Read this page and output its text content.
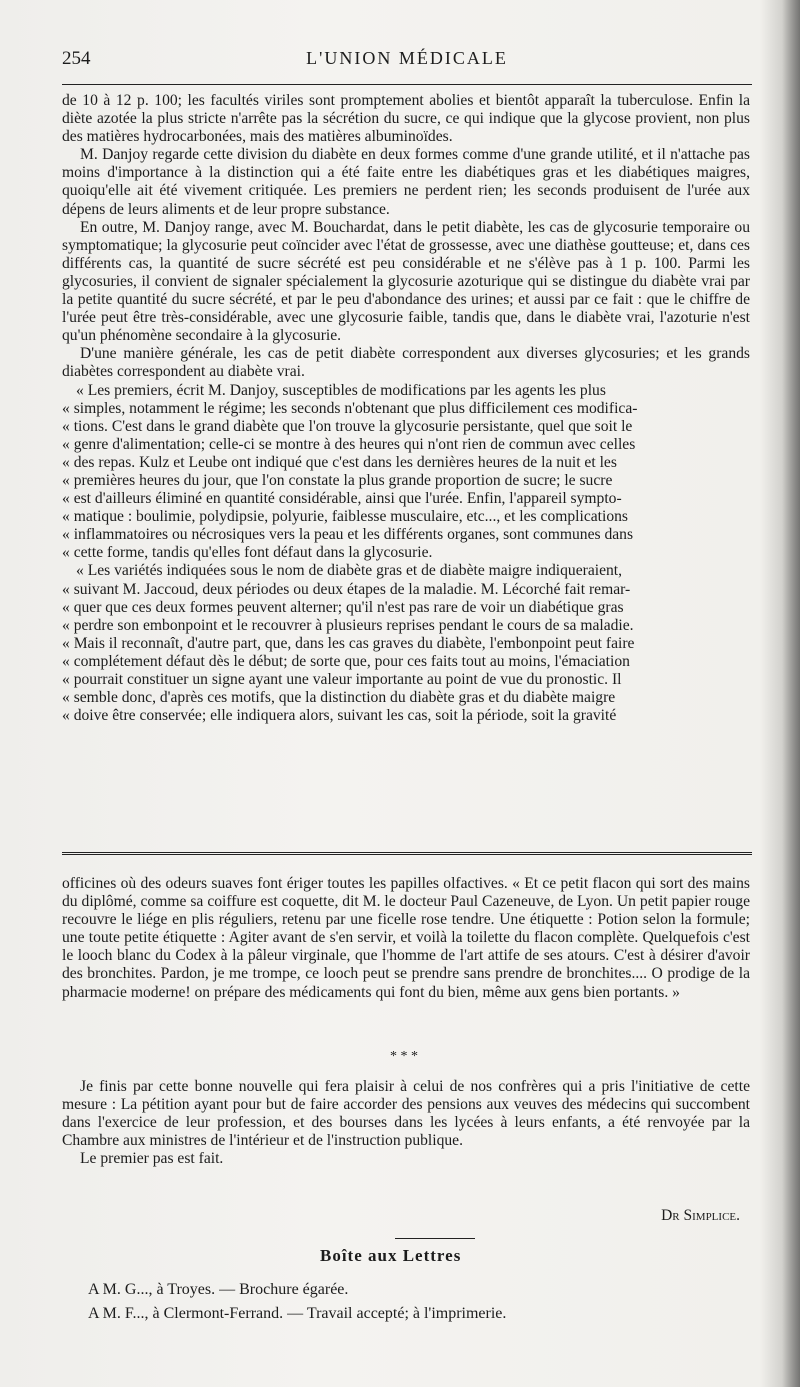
254	L'UNION MÉDICALE

de 10 à 12 p. 100; les facultés viriles sont promptement abolies et bientôt apparaît la tuberculose. Enfin la diète azotée la plus stricte n'arrête pas la sécrétion du sucre, ce qui indique que la glycose provient, non plus des matières hydrocarbonées, mais des matières albuminoïdes.

M. Danjoy regarde cette division du diabète en deux formes comme d'une grande utilité, et il n'attache pas moins d'importance à la distinction qui a été faite entre les diabétiques gras et les diabétiques maigres, quoiqu'elle ait été vivement critiquée. Les premiers ne perdent rien; les seconds produisent de l'urée aux dépens de leurs aliments et de leur propre substance.

En outre, M. Danjoy range, avec M. Bouchardat, dans le petit diabète, les cas de glycosurie temporaire ou symptomatique; la glycosurie peut coïncider avec l'état de grossesse, avec une diathèse goutteuse; et, dans ces différents cas, la quantité de sucre sécrété est peu considérable et ne s'élève pas à 1 p. 100. Parmi les glycosuries, il convient de signaler spécialement la glycosurie azoturique qui se distingue du diabète vrai par la petite quantité du sucre sécrété, et par le peu d'abondance des urines; et aussi par ce fait : que le chiffre de l'urée peut être très-considérable, avec une glycosurie faible, tandis que, dans le diabète vrai, l'azoturie n'est qu'un phénomène secondaire à la glycosurie.

D'une manière générale, les cas de petit diabète correspondent aux diverses glycosuries; et les grands diabètes correspondent au diabète vrai.

« Les premiers, écrit M. Danjoy, susceptibles de modifications par les agents les plus
« simples, notamment le régime; les seconds n'obtenant que plus difficilement ces modifica-
« tions. C'est dans le grand diabète que l'on trouve la glycosurie persistante, quel que soit le
« genre d'alimentation; celle-ci se montre à des heures qui n'ont rien de commun avec celles
« des repas. Kulz et Leube ont indiqué que c'est dans les dernières heures de la nuit et les
« premières heures du jour, que l'on constate la plus grande proportion de sucre; le sucre
« est d'ailleurs éliminé en quantité considérable, ainsi que l'urée. Enfin, l'appareil sympto-
« matique : boulimie, polydipsie, polyurie, faiblesse musculaire, etc..., et les complications
« inflammatoires ou nécrosiques vers la peau et les différents organes, sont communes dans
« cette forme, tandis qu'elles font défaut dans la glycosurie.
« Les variétés indiquées sous le nom de diabète gras et de diabète maigre indiqueraient,
« suivant M. Jaccoud, deux périodes ou deux étapes de la maladie. M. Lécorché fait remar-
« quer que ces deux formes peuvent alterner; qu'il n'est pas rare de voir un diabétique gras
« perdre son embonpoint et le recouvrer à plusieurs reprises pendant le cours de sa maladie.
« Mais il reconnaît, d'autre part, que, dans les cas graves du diabète, l'embonpoint peut faire
« complétement défaut dès le début; de sorte que, pour ces faits tout au moins, l'émaciation
« pourrait constituer un signe ayant une valeur importante au point de vue du pronostic. Il
« semble donc, d'après ces motifs, que la distinction du diabète gras et du diabète maigre
« doive être conservée; elle indiquera alors, suivant les cas, soit la période, soit la gravité

officines où des odeurs suaves font ériger toutes les papilles olfactives. « Et ce petit flacon qui sort des mains du diplômé, comme sa coiffure est coquette, dit M. le docteur Paul Cazeneuve, de Lyon. Un petit papier rouge recouvre le liége en plis réguliers, retenu par une ficelle rose tendre. Une étiquette : Potion selon la formule; une toute petite étiquette : Agiter avant de s'en servir, et voilà la toilette du flacon complète. Quelquefois c'est le looch blanc du Codex à la pâleur virginale, que l'homme de l'art attife de ses atours. C'est à désirer d'avoir des bronchites. Pardon, je me trompe, ce looch peut se prendre sans prendre de bronchites.... O prodige de la pharmacie moderne! on prépare des médicaments qui font du bien, même aux gens bien portants. »

* * *

Je finis par cette bonne nouvelle qui fera plaisir à celui de nos confrères qui a pris l'initiative de cette mesure : La pétition ayant pour but de faire accorder des pensions aux veuves des médecins qui succombent dans l'exercice de leur profession, et des bourses dans les lycées à leurs enfants, a été renvoyée par la Chambre aux ministres de l'intérieur et de l'instruction publique.

Le premier pas est fait.

Dr Simplice.
Boîte aux Lettres
A M. G..., à Troyes. — Brochure égarée.
A M. F..., à Clermont-Ferrand. — Travail accepté; à l'imprimerie.
